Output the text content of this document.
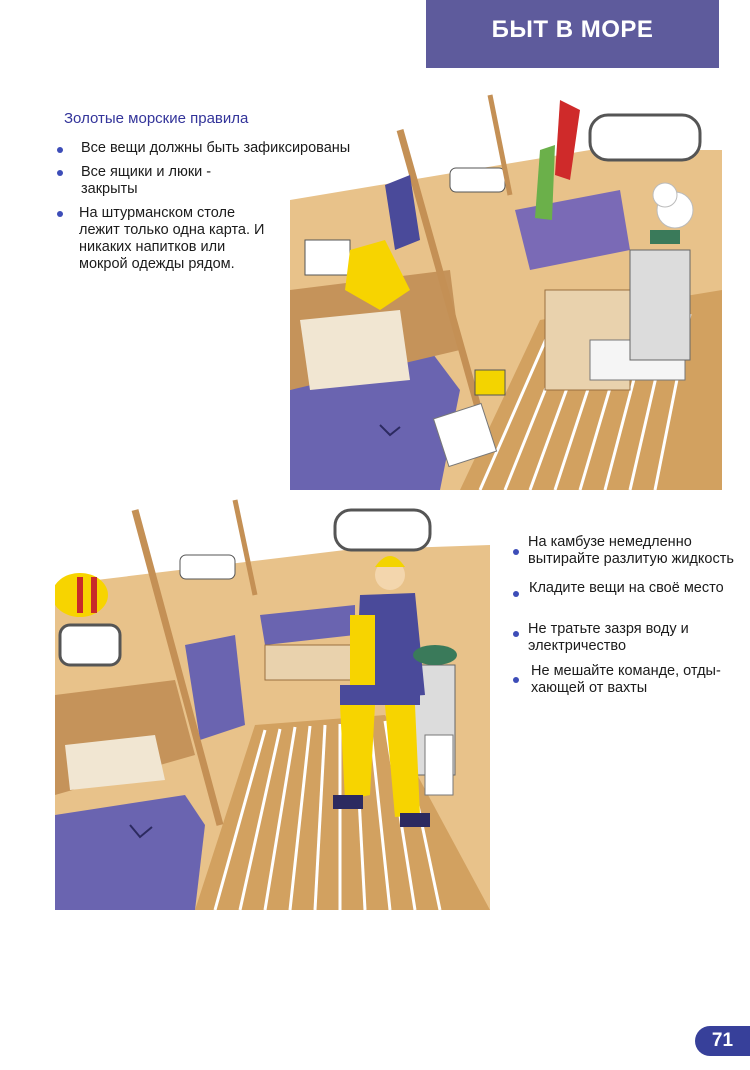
БЫТ В МОРЕ
Золотые морские правила
Все вещи должны быть зафиксированы
Все ящики и люки - закрыты
На штурманском столе лежит только одна карта. И никаких напитков или мокрой одежды рядом.
На камбузе немедленно вытирайте разлитую жидкость
Кладите вещи на своё место
Не тратьте зазря воду и электричество
Не мешайте команде, отды-хающей от вахты
71
